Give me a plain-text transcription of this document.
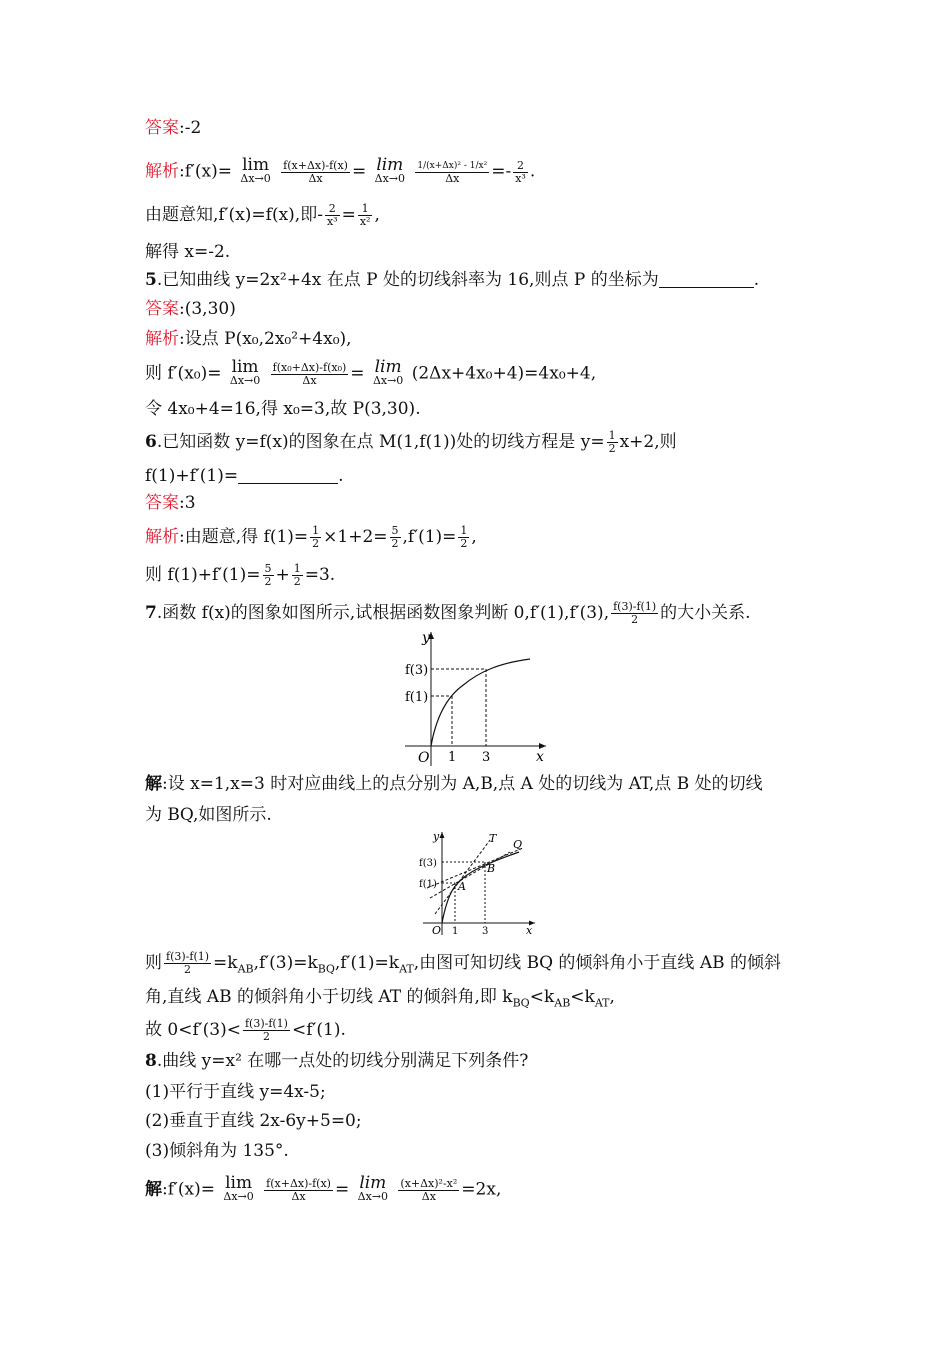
答案:-2
解析:f′(x)= lim
Δx→0
$\frac{f(x+\Delta x)-f(x)}{\Delta x} = \lim$
Δx→0
$\frac{\text{1/(x+Δx)² - 1/x²}}{\Delta x} =- \frac{2}{\text{x³}}$ .
由题意知,f′(x)=f(x),即- $\frac{2}{\text{x³}} = \frac{1}{\text{x²}}$ ,
解得 x=-2.
5.已知曲线 y=2x²+4x 在点 P 处的切线斜率为 16,则点 P 的坐标为	.
答案:(3,30)
解析:设点 P(x₀,2x₀²+4x₀),
则 f′(x₀)= lim
Δx→0
$\frac{\text{f(x₀+Δx)-f(x₀)}}{\Delta x} = \lim$
Δx→0 (2Δx+4x₀+4)=4x₀+4,
令 4x₀+4=16,得 x₀=3,故 P(3,30).
6.已知函数 y=f(x)的图象在点 M(1,f(1))处的切线方程是 $y= \frac{1}{2} x+2$,则
f(1)+f′(1)=	.
答案:3
解析:由题意,得 $f(1)= \frac{1}{2} \times 1+2= \frac{5}{2} ,f'(1)= \frac{1}{2}$ ,
则 $f(1)+f'(1)= \frac{5}{2} + \frac{1}{2} =3$.
7.函数 f(x)的图象如图所示,试根据函数图象判断 0,f′(1),f′(3), $\frac{f(3)-f(1)}{2}$ 的大小关系.
y
f(3)
f(1)
O 1 3	x
解:设 x=1,x=3 时对应曲线上的点分别为 A,B,点 A 处的切线为 AT,点 B 处的切线
为 BQ,如图所示.
y	T Q
f(3)	B
f(1) A
O 1 3	x
则 $\frac{f(3)-f(1)}{2} =k_{AB},f'(3)=k_{BQ},f'(1)=k_{AT}$,由图可知切线 BQ 的倾斜角小于直线 AB 的倾斜
角,直线 AB 的倾斜角小于切线 AT 的倾斜角,即 $k_{BQ}<k_{AB}<k_{AT}$,
故 $0<f'(3)< \frac{f(3)-f(1)}{2} <f'(1)$.
8.曲线 y=x² 在哪一点处的切线分别满足下列条件?
(1)平行于直线 y=4x-5;
(2)垂直于直线 2x-6y+5=0;
(3)倾斜角为 135°.
解:f′(x)= lim
Δx→0
$\frac{f(x+\Delta x)-f(x)}{\Delta x} = \lim$
Δx→0
$\frac{\text{(x+Δx)²-x²}}{\Delta x} =2x$,
